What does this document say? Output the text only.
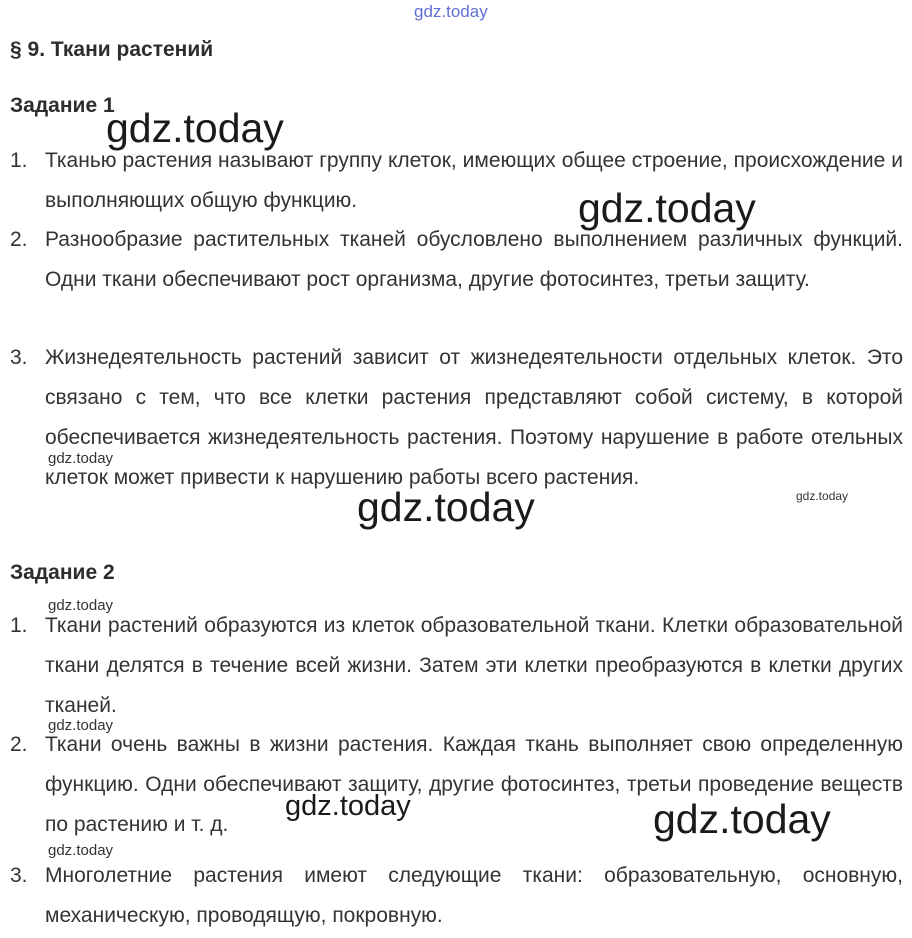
gdz.today
§ 9. Ткани растений
Задание 1
1. Тканью растения называют группу клеток, имеющих общее строение, происхождение и выполняющих общую функцию.
2. Разнообразие растительных тканей обусловлено выполнением различных функций. Одни ткани обеспечивают рост организма, другие фотосинтез, третьи защиту.
3. Жизнедеятельность растений зависит от жизнедеятельности отдельных клеток. Это связано с тем, что все клетки растения представляют собой систему, в которой обеспечивается жизнедеятельность растения. Поэтому нарушение в работе отельных клеток может привести к нарушению работы всего растения.
Задание 2
1. Ткани растений образуются из клеток образовательной ткани. Клетки образовательной ткани делятся в течение всей жизни. Затем эти клетки преобразуются в клетки других тканей.
2. Ткани очень важны в жизни растения. Каждая ткань выполняет свою определенную функцию. Одни обеспечивают защиту, другие фотосинтез, третьи проведение веществ по растению и т. д.
3. Многолетние растения имеют следующие ткани: образовательную, основную, механическую, проводящую, покровную.
gdz.today
gdz.today
gdz.today
gdz.today
gdz.today
gdz.today
gdz.today
gdz.today
gdz.today
gdz.today
